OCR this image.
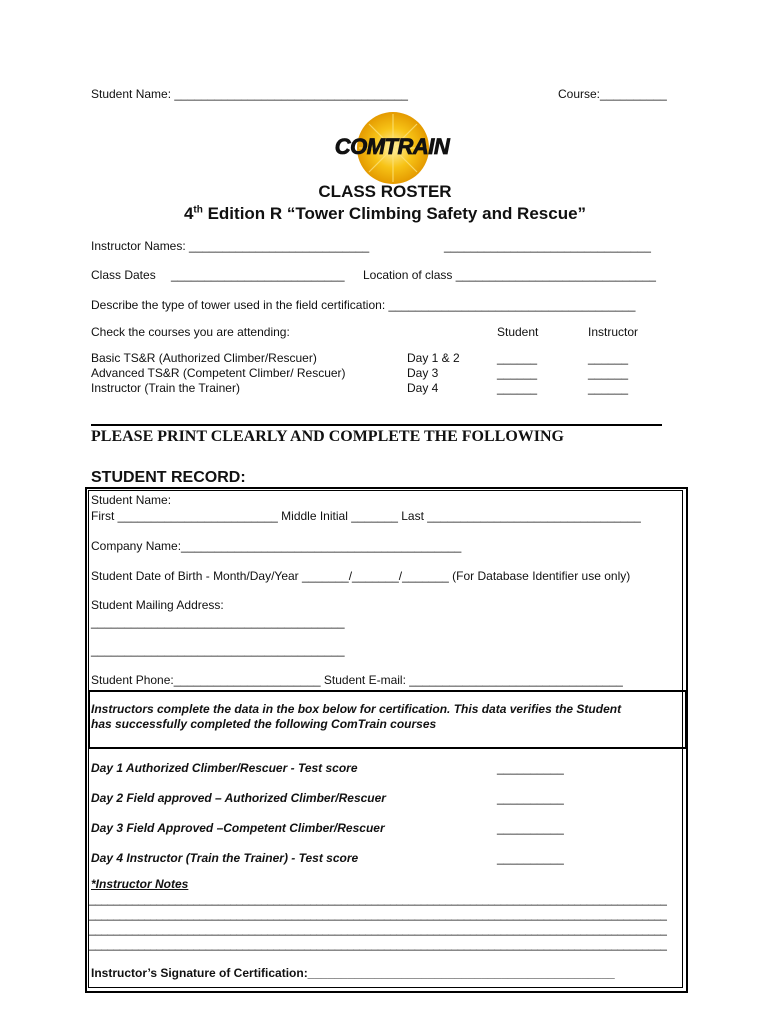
Student Name: ___________________________________	Course:__________
COMTRAIN
CLASS ROSTER
4th Edition R “Tower Climbing Safety and Rescue”
Instructor Names: ___________________________	_______________________________
Class Dates __________________________ Location of class ______________________________
Describe the type of tower used in the field certification: _____________________________________
Check the courses you are attending:	Student	Instructor
Basic TS&R (Authorized Climber/Rescuer)	Day 1 & 2	______	______
Advanced TS&R (Competent Climber/ Rescuer)	Day 3	______	______
Instructor (Train the Trainer)	Day 4	______	______
PLEASE PRINT CLEARLY AND COMPLETE THE FOLLOWING
STUDENT RECORD:
Student Name:
First ________________________ Middle Initial _______ Last ________________________________
Company Name:__________________________________________
Student Date of Birth - Month/Day/Year _______/_______/_______ (For Database Identifier use only)
Student Mailing Address:
______________________________________
______________________________________
Student Phone:______________________ Student E-mail: ________________________________
Instructors complete the data in the box below for certification. This data verifies the Student
has successfully completed the following ComTrain courses
Day 1 Authorized Climber/Rescuer - Test score	__________
Day 2 Field approved – Authorized Climber/Rescuer	__________
Day 3 Field Approved –Competent Climber/Rescuer	__________
Day 4 Instructor (Train the Trainer) - Test score	__________
*Instructor Notes
______________________________________________________________________________________________
______________________________________________________________________________________________
______________________________________________________________________________________________
______________________________________________________________________________________________
Instructor’s Signature of Certification:______________________________________________
